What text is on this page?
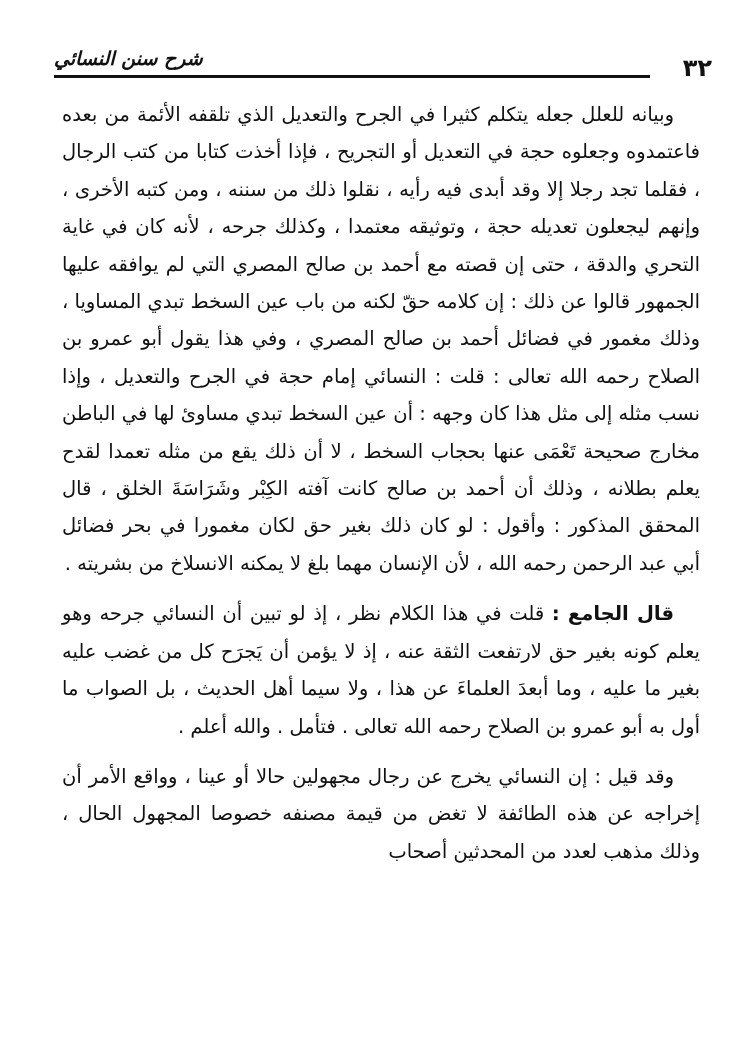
شرح سنن النسائي	٣٢

وبيانه للعلل جعله يتكلم كثيرا في الجرح والتعديل الذي تلقفه الأئمة من بعده فاعتمدوه وجعلوه حجة في التعديل أو التجريح ، فإذا أخذت كتابا من كتب الرجال ، فقلما تجد رجلا إلا وقد أبدى فيه رأيه ، نقلوا ذلك من سننه ، ومن كتبه الأخرى ، وإنهم ليجعلون تعديله حجة ، وتوثيقه معتمدا ، وكذلك جرحه ، لأنه كان في غاية التحري والدقة ، حتى إن قصته مع أحمد بن صالح المصري التي لم يوافقه عليها الجمهور قالوا عن ذلك : إن كلامه حقّ لكنه من باب عين السخط تبدي المساويا ، وذلك مغمور في فضائل أحمد بن صالح المصري ، وفي هذا يقول أبو عمرو بن الصلاح رحمه الله تعالى : قلت : النسائي إمام حجة في الجرح والتعديل ، وإذا نسب مثله إلى مثل هذا كان وجهه : أن عين السخط تبدي مساوئ لها في الباطن مخارج صحيحة تَعْمَى عنها بحجاب السخط ، لا أن ذلك يقع من مثله تعمدا لقدح يعلم بطلانه ، وذلك أن أحمد بن صالح كانت آفته الكِبْر وشَرَاسَةَ الخلق ، قال المحقق المذكور : وأقول : لو كان ذلك بغير حق لكان مغمورا في بحر فضائل أبي عبد الرحمن رحمه الله ، لأن الإنسان مهما بلغ لا يمكنه الانسلاخ من بشريته .

قال الجامع : قلت في هذا الكلام نظر ، إذ لو تبين أن النسائي جرحه وهو يعلم كونه بغير حق لارتفعت الثقة عنه ، إذ لا يؤمن أن يَجرَح كل من غضب عليه بغير ما عليه ، وما أبعدَ العلماءَ عن هذا ، ولا سيما أهل الحديث ، بل الصواب ما أول به أبو عمرو بن الصلاح رحمه الله تعالى . فتأمل . والله أعلم .

وقد قيل : إن النسائي يخرج عن رجال مجهولين حالا أو عينا ، وواقع الأمر أن إخراجه عن هذه الطائفة لا تغض من قيمة مصنفه خصوصا المجهول الحال ، وذلك مذهب لعدد من المحدثين أصحاب
